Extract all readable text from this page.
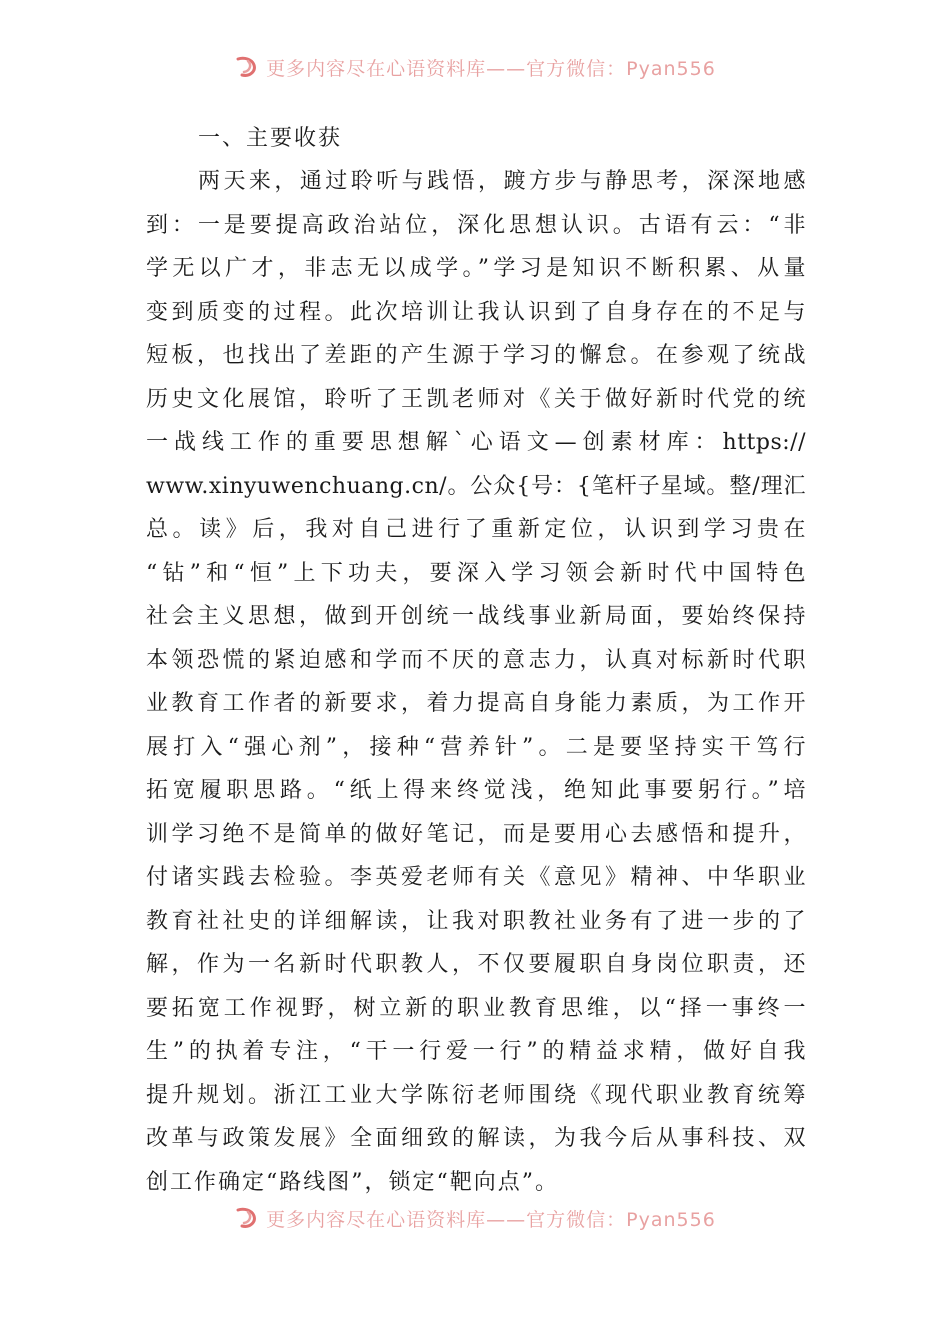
更多内容尽在心语资料库——官方微信：Pyan556
一、主要收获
两天来，通过聆听与践悟，踱方步与静思考，深深地感
到：一是要提高政治站位，深化思想认识。古语有云：“非
学无以广才，非志无以成学。”学习是知识不断积累、从量
变到质变的过程。此次培训让我认识到了自身存在的不足与
短板，也找出了差距的产生源于学习的懈怠。在参观了统战
历史文化展馆，聆听了王凯老师对《关于做好新时代党的统
一战线工作的重要思想解`心语文—创素材库：https://
www.xinyuwenchuang.cn/。公众{号：{笔杆子星域。整/理汇
总。读》后，我对自己进行了重新定位，认识到学习贵在
“钻”和“恒”上下功夫，要深入学习领会新时代中国特色
社会主义思想，做到开创统一战线事业新局面，要始终保持
本领恐慌的紧迫感和学而不厌的意志力，认真对标新时代职
业教育工作者的新要求，着力提高自身能力素质，为工作开
展打入“强心剂”，接种“营养针”。二是要坚持实干笃行
拓宽履职思路。“纸上得来终觉浅，绝知此事要躬行。”培
训学习绝不是简单的做好笔记，而是要用心去感悟和提升，
付诸实践去检验。李英爱老师有关《意见》精神、中华职业
教育社社史的详细解读，让我对职教社业务有了进一步的了
解，作为一名新时代职教人，不仅要履职自身岗位职责，还
要拓宽工作视野，树立新的职业教育思维，以“择一事终一
生”的执着专注，“干一行爱一行”的精益求精，做好自我
提升规划。浙江工业大学陈衍老师围绕《现代职业教育统筹
改革与政策发展》全面细致的解读，为我今后从事科技、双
创工作确定“路线图”，锁定“靶向点”。
更多内容尽在心语资料库——官方微信：Pyan556
